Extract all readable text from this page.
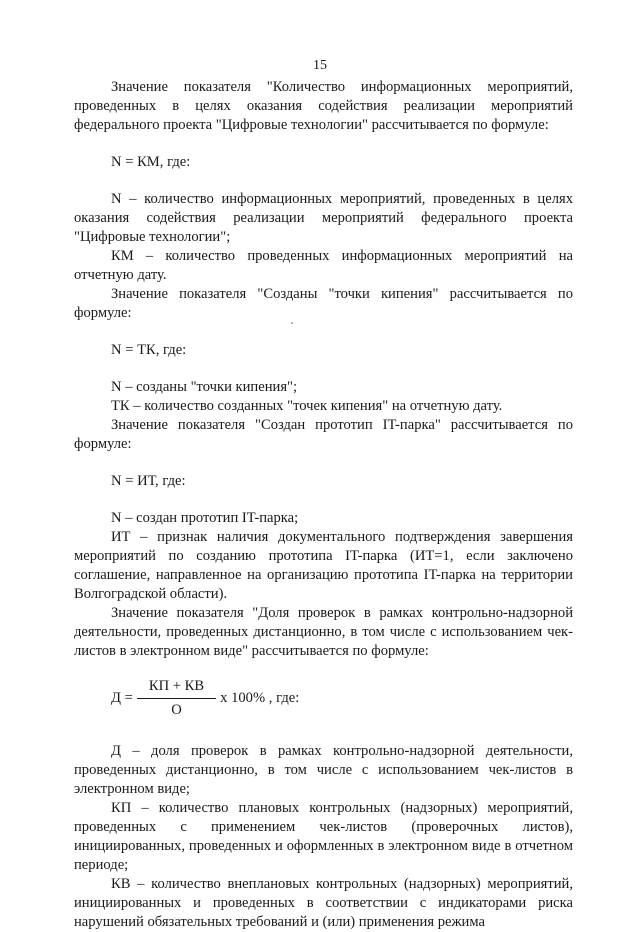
15

Значение показателя "Количество информационных мероприятий, проведенных в целях оказания содействия реализации мероприятий федерального проекта "Цифровые технологии" рассчитывается по формуле:

N = КМ, где:

N – количество информационных мероприятий, проведенных в целях оказания содействия реализации мероприятий федерального проекта "Цифровые технологии";

КМ – количество проведенных информационных мероприятий на отчетную дату.

Значение показателя "Созданы "точки кипения" рассчитывается по формуле:

N = ТК, где:

N – созданы "точки кипения";

ТК – количество созданных "точек кипения" на отчетную дату.

Значение показателя "Создан прототип IT-парка" рассчитывается по формуле:

N = ИТ, где:

N – создан прототип IT-парка;

ИТ – признак наличия документального подтверждения завершения мероприятий по созданию прототипа IT-парка (ИТ=1, если заключено соглашение, направленное на организацию прототипа IT-парка на территории Волгоградской области).

Значение показателя "Доля проверок в рамках контрольно-надзорной деятельности, проведенных дистанционно, в том числе с использованием чек-листов в электронном виде" рассчитывается по формуле:

$Д = \frac{КП + КВ}{О}$ х 100% , где:

Д – доля проверок в рамках контрольно-надзорной деятельности, проведенных дистанционно, в том числе с использованием чек-листов в электронном виде;

КП – количество плановых контрольных (надзорных) мероприятий, проведенных с применением чек-листов (проверочных листов), инициированных, проведенных и оформленных в электронном виде в отчетном периоде;

КВ – количество внеплановых контрольных (надзорных) мероприятий, инициированных и проведенных в соответствии с индикаторами риска нарушений обязательных требований и (или) применения режима
